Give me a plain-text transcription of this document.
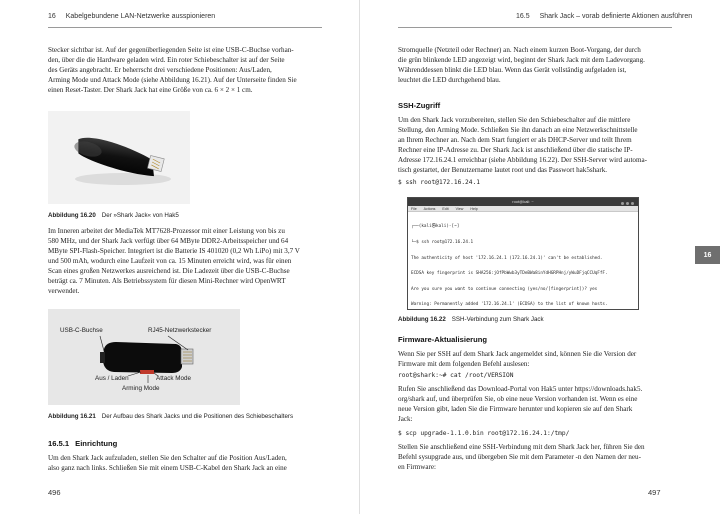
16 Kabelgebundene LAN-Netzwerke ausspionieren
Stecker sichtbar ist. Auf der gegenüberliegenden Seite ist eine USB-C-Buchse vorhan-
den, über die die Hardware geladen wird. Ein roter Schiebeschalter ist auf der Seite
des Geräts angebracht. Er beherrscht drei verschiedene Positionen: Aus/Laden,
Arming Mode und Attack Mode (siehe Abbildung 16.21). Auf der Unterseite finden Sie
einen Reset-Taster. Der Shark Jack hat eine Größe von ca. 6 × 2 × 1 cm.
Abbildung 16.20 Der »Shark Jack« von Hak5
Im Inneren arbeitet der MediaTek MT7628-Prozessor mit einer Leistung von bis zu
580 MHz, und der Shark Jack verfügt über 64 MByte DDR2-Arbeitsspeicher und 64
MByte SPI-Flash-Speicher. Integriert ist die Batterie IS 401020 (0,2 Wh LiPo) mit 3,7 V
und 500 mAh, wodurch eine Laufzeit von ca. 15 Minuten erreicht wird, was für einen
Scan eines großen Netzwerkes ausreichend ist. Die Ladezeit über die USB-C-Buchse
beträgt ca. 7 Minuten. Als Betriebssystem für diesen Mini-Rechner wird OpenWRT
verwendet.
USB-C-Buchse	RJ45-Netzwerkstecker
Aus / Laden	Attack Mode
Arming Mode
Abbildung 16.21 Der Aufbau des Shark Jacks und die Positionen des Schiebeschalters
16.5.1 Einrichtung
Um den Shark Jack aufzuladen, stellen Sie den Schalter auf die Position Aus/Laden,
also ganz nach links. Schließen Sie mit einem USB-C-Kabel den Shark Jack an eine
496
16.5 Shark Jack – vorab definierte Aktionen ausführen
Stromquelle (Netzteil oder Rechner) an. Nach einem kurzen Boot-Vorgang, der durch
die grün blinkende LED angezeigt wird, beginnt der Shark Jack mit dem Ladevorgang.
Währenddessen blinkt die LED blau. Wenn das Gerät vollständig aufgeladen ist,
leuchtet die LED durchgehend blau.
SSH-Zugriff
Um den Shark Jack vorzubereiten, stellen Sie den Schiebeschalter auf die mittlere
Stellung, den Arming Mode. Schließen Sie ihn danach an eine Netzwerkschnittstelle
an Ihrem Rechner an. Nach dem Start fungiert er als DHCP-Server und teilt Ihrem
Rechner eine IP-Adresse zu. Der Shark Jack ist anschließend über die statische IP-
Adresse 172.16.24.1 erreichbar (siehe Abbildung 16.22). Der SSH-Server wird automa-
tisch gestartet, der Benutzername lautet root und das Passwort hak5shark.
$ ssh root@172.16.24.1
root@kali: ~
File Actions Edit View Help

┌──(kali㉿kali)-[~]

└─$ ssh root@172.16.24.1

The authenticity of host '172.16.24.1 (172.16.24.1)' can't be established.

ECDSA key fingerprint is SHA256:jOfPbWwb3yTDeBWa8inYdHGRPHnj/yWuDFjqCCUqFfF.

Are you sure you want to continue connecting (yes/no/[fingerprint])? yes

Warning: Permanently added '172.16.24.1' (ECDSA) to the list of known hosts.

Abbildung 16.22 SSH-Verbindung zum Shark Jack
16
Firmware-Aktualisierung
Wenn Sie per SSH auf dem Shark Jack angemeldet sind, können Sie die Version der
Firmware mit dem folgenden Befehl auslesen:
root@shark:~# cat /root/VERSION
Rufen Sie anschließend das Download-Portal von Hak5 unter https://downloads.hak5.
org/shark auf, und überprüfen Sie, ob eine neue Version vorhanden ist. Wenn es eine
neue Version gibt, laden Sie die Firmware herunter und kopieren sie auf den Shark
Jack:
$ scp upgrade-1.1.0.bin root@172.16.24.1:/tmp/
Stellen Sie anschließend eine SSH-Verbindung mit dem Shark Jack her, führen Sie den
Befehl sysupgrade aus, und übergeben Sie mit dem Parameter -n den Namen der neu-
en Firmware:
497
